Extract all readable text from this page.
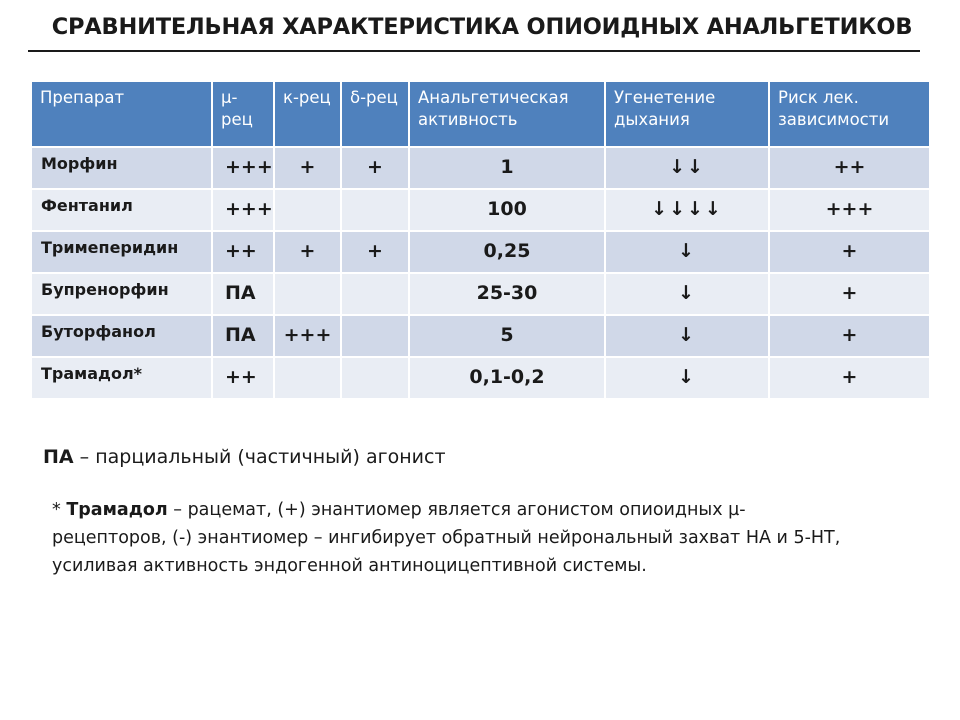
СРАВНИТЕЛЬНАЯ ХАРАКТЕРИСТИКА ОПИОИДНЫХ АНАЛЬГЕТИКОВ
Препарат	µ-рец	к-рец	δ-рец	Анальгетическая активность	Угенетение дыхания	Риск лек. зависимости
Морфин	+++	+	+	1	↓↓	++
Фентанил	+++			100	↓↓↓↓	+++
Тримеперидин	++	+	+	0,25	↓	+
Бупренорфин	ПА			25-30	↓	+
Буторфанол	ПА	+++		5	↓	+
Трамадол*	++			0,1-0,2	↓	+
ПА – парциальный (частичный) агонист
* Трамадол – рацемат, (+) энантиомер является агонистом опиоидных µ-
рецепторов, (-) энантиомер – ингибирует обратный нейрональный захват НА и 5-НТ,
усиливая активность эндогенной антиноцицептивной системы.
